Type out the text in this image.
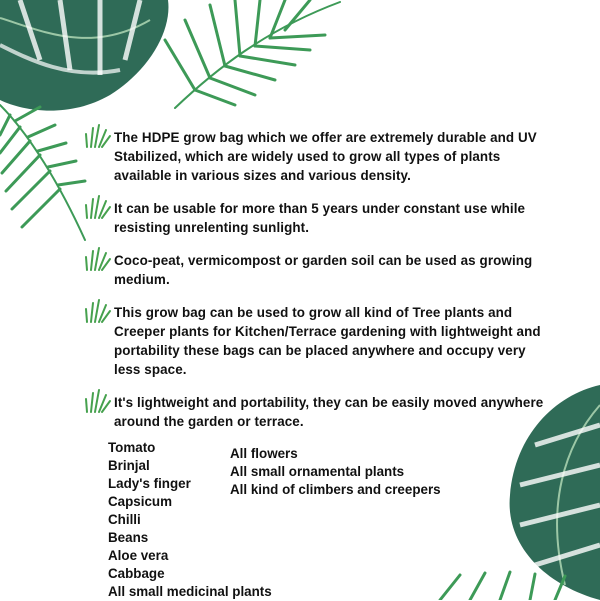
The HDPE grow bag which we offer are extremely durable and UV Stabilized, which are widely used to grow all types of plants available in various sizes and various density.

It can be usable for more than 5 years under constant use while resisting unrelenting sunlight.

Coco-peat, vermicompost or garden soil can be used as growing medium.

This grow bag can be used to grow all kind of Tree plants and Creeper plants for Kitchen/Terrace gardening with lightweight and portability these bags can be placed anywhere and occupy very less space.

It's lightweight and portability, they can be easily moved anywhere around the garden or terrace.

Tomato
Brinjal
Lady's finger
Capsicum
Chilli
Beans
Aloe vera
Cabbage
All small medicinal plants
All flowers
All small ornamental plants
All kind of climbers and creepers
